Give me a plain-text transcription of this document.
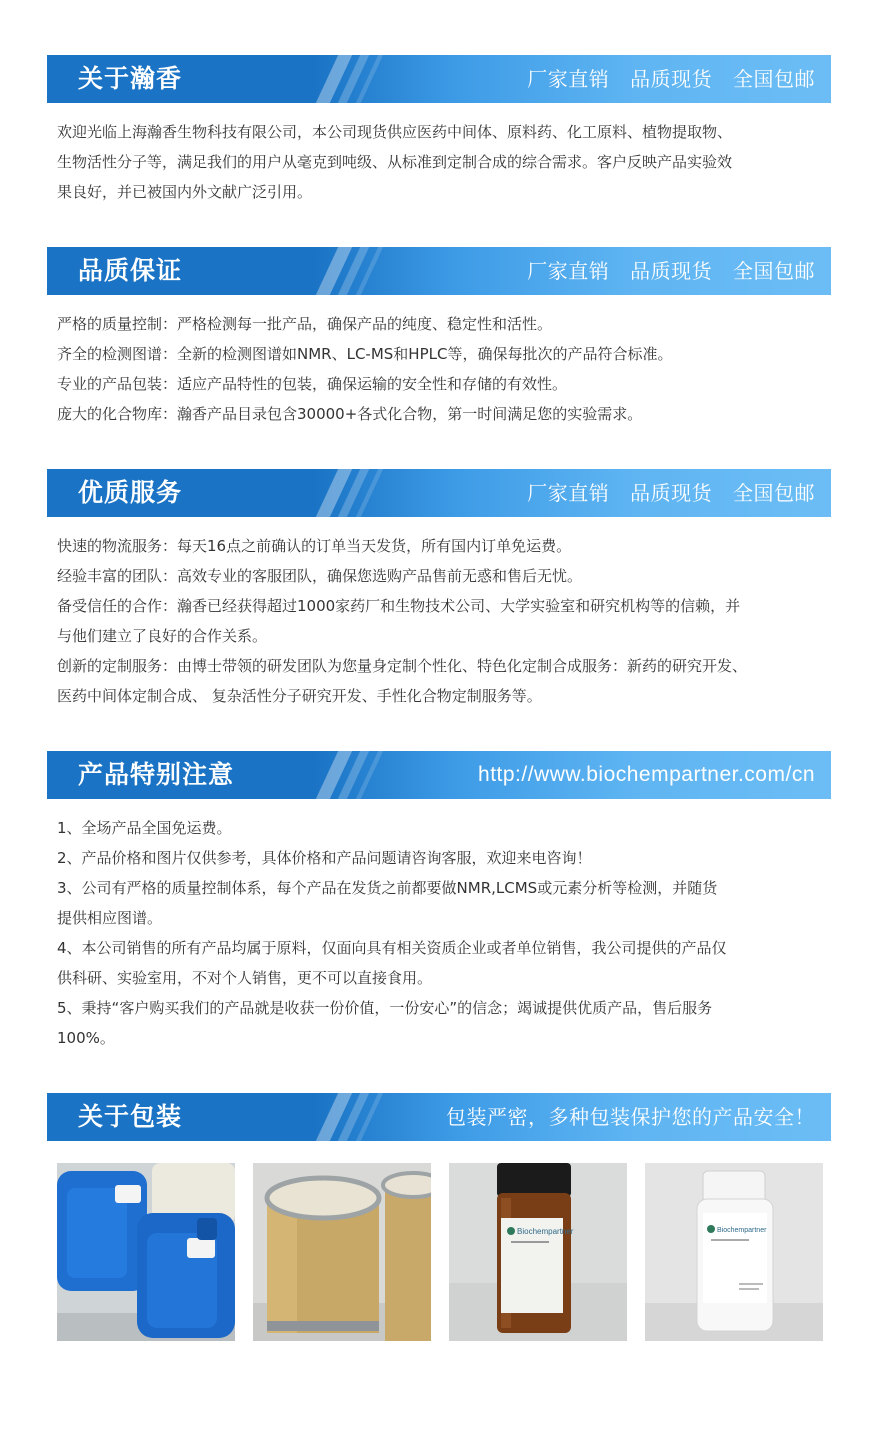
关于瀚香	厂家直销 品质现货 全国包邮

欢迎光临上海瀚香生物科技有限公司，本公司现货供应医药中间体、原料药、化工原料、植物提取物、

生物活性分子等，满足我们的用户从毫克到吨级、从标准到定制合成的综合需求。客户反映产品实验效

果良好，并已被国内外文献广泛引用。

品质保证	厂家直销 品质现货 全国包邮

严格的质量控制：严格检测每一批产品，确保产品的纯度、稳定性和活性。

齐全的检测图谱：全新的检测图谱如NMR、LC-MS和HPLC等，确保每批次的产品符合标准。

专业的产品包装：适应产品特性的包装，确保运输的安全性和存储的有效性。

庞大的化合物库：瀚香产品目录包含30000+各式化合物，第一时间满足您的实验需求。

优质服务	厂家直销 品质现货 全国包邮

快速的物流服务：每天16点之前确认的订单当天发货，所有国内订单免运费。

经验丰富的团队：高效专业的客服团队，确保您选购产品售前无惑和售后无忧。

备受信任的合作：瀚香已经获得超过1000家药厂和生物技术公司、大学实验室和研究机构等的信赖，并

与他们建立了良好的合作关系。

创新的定制服务：由博士带领的研发团队为您量身定制个性化、特色化定制合成服务：新药的研究开发、

医药中间体定制合成、 复杂活性分子研究开发、手性化合物定制服务等。

产品特别注意	http://www.biochempartner.com/cn

1、全场产品全国免运费。

2、产品价格和图片仅供参考，具体价格和产品问题请咨询客服，欢迎来电咨询！

3、公司有严格的质量控制体系，每个产品在发货之前都要做NMR,LCMS或元素分析等检测，并随货

提供相应图谱。

4、本公司销售的所有产品均属于原料，仅面向具有相关资质企业或者单位销售，我公司提供的产品仅

供科研、实验室用，不对个人销售，更不可以直接食用。

5、秉持“客户购买我们的产品就是收获一份价值，一份安心”的信念；竭诚提供优质产品，售后服务

100%。

关于包装	包装严密，多种包装保护您的产品安全！
Biochempartner	Biochempartner
